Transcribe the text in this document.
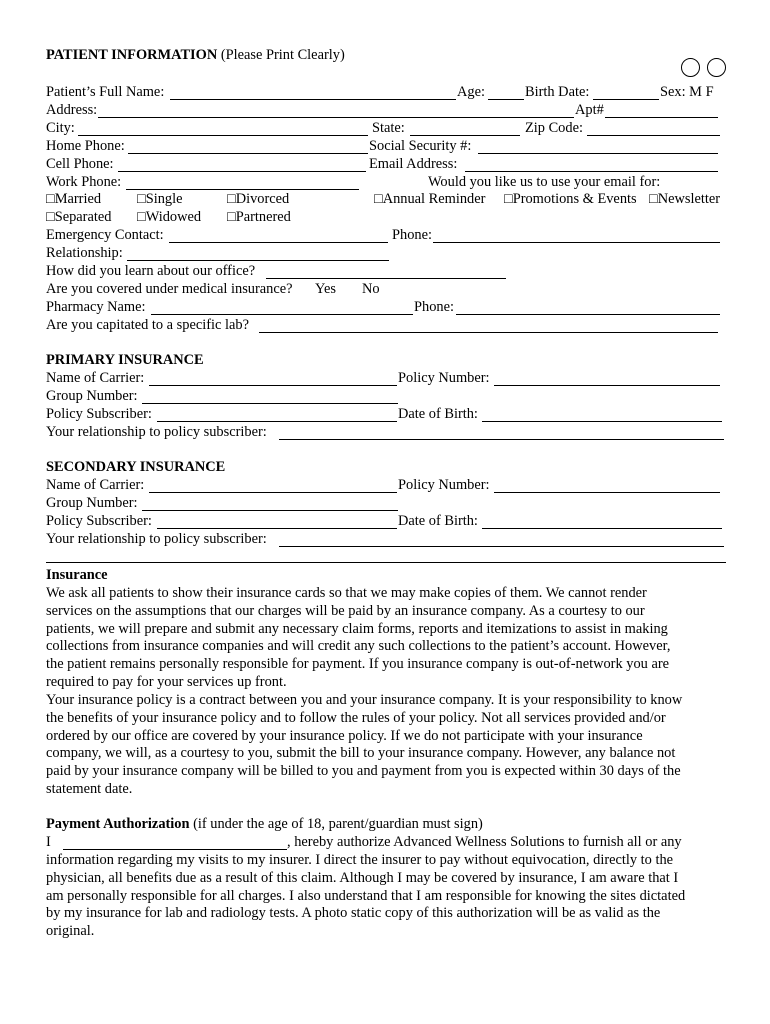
PATIENT INFORMATION (Please Print Clearly)
Patient’s Full Name:	Age:	Birth Date:	Sex: M F
Address:	Apt#
City:	State:	Zip Code:
Home Phone:	Social Security #:
Cell Phone:	Email Address:
Work Phone:	Would you like us to use your email for:
□Married □Single	□Divorced	□Annual Reminder □Promotions & Events □Newsletter
□Separated □Widowed □Partnered
Emergency Contact:	Phone:
Relationship:
How did you learn about our office?
Are you covered under medical insurance? Yes No
Pharmacy Name:	Phone:
Are you capitated to a specific lab?
PRIMARY INSURANCE
Name of Carrier:	Policy Number:
Group Number:
Policy Subscriber:	Date of Birth:
Your relationship to policy subscriber:
SECONDARY INSURANCE
Name of Carrier:	Policy Number:
Group Number:
Policy Subscriber:	Date of Birth:
Your relationship to policy subscriber:
Insurance
We ask all patients to show their insurance cards so that we may make copies of them. We cannot render
services on the assumptions that our charges will be paid by an insurance company. As a courtesy to our
patients, we will prepare and submit any necessary claim forms, reports and itemizations to assist in making
collections from insurance companies and will credit any such collections to the patient’s account. However,
the patient remains personally responsible for payment. If you insurance company is out-of-network you are
required to pay for your services up front.
Your insurance policy is a contract between you and your insurance company. It is your responsibility to know
the benefits of your insurance policy and to follow the rules of your policy. Not all services provided and/or
ordered by our office are covered by your insurance policy. If we do not participate with your insurance
company, we will, as a courtesy to you, submit the bill to your insurance company. However, any balance not
paid by your insurance company will be billed to you and payment from you is expected within 30 days of the
statement date.
Payment Authorization (if under the age of 18, parent/guardian must sign)
I	, hereby authorize Advanced Wellness Solutions to furnish all or any
information regarding my visits to my insurer. I direct the insurer to pay without equivocation, directly to the
physician, all benefits due as a result of this claim. Although I may be covered by insurance, I am aware that I
am personally responsible for all charges. I also understand that I am responsible for knowing the sites dictated
by my insurance for lab and radiology tests. A photo static copy of this authorization will be as valid as the
original.
